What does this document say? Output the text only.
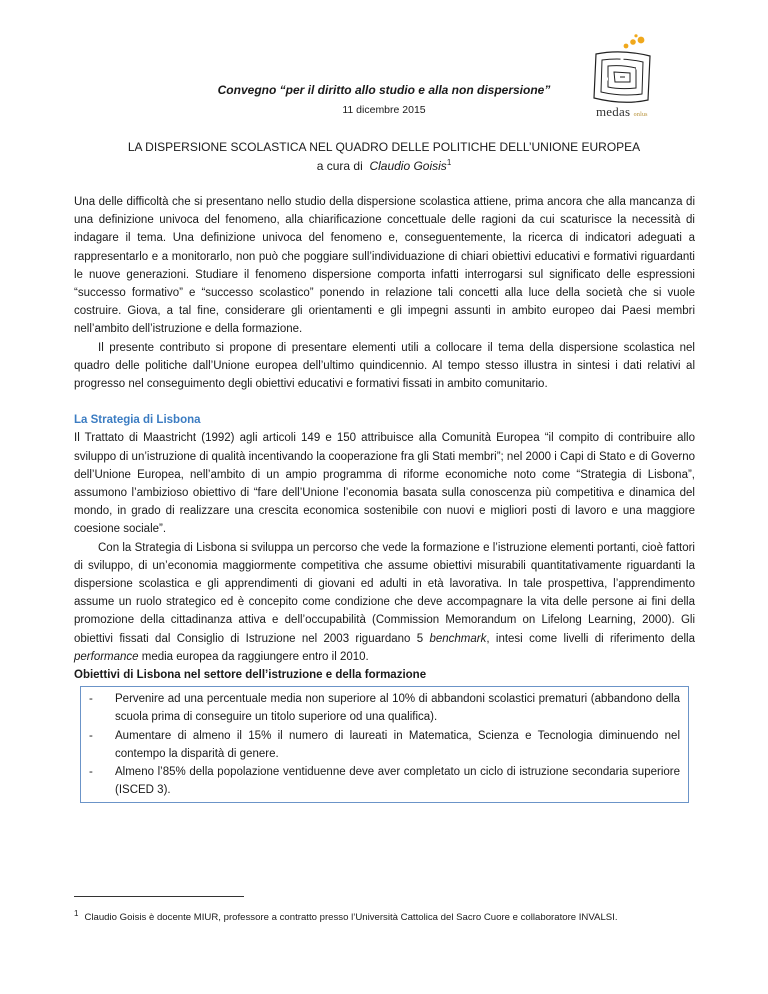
medas onlus
Convegno “per il diritto allo studio e alla non dispersione”
11 dicembre 2015
LA DISPERSIONE SCOLASTICA NEL QUADRO DELLE POLITICHE DELL’UNIONE EUROPEA
a cura di Claudio Goisis$^1$

Una delle difficoltà che si presentano nello studio della dispersione scolastica attiene, prima ancora che alla mancanza di una definizione univoca del fenomeno, alla chiarificazione concettuale delle ragioni da cui scaturisce la necessità di indagare il tema. Una definizione univoca del fenomeno e, conseguentemente, la ricerca di indicatori adeguati a rappresentarlo e a monitorarlo, non può che poggiare sull’individuazione di chiari obiettivi educativi e formativi riguardanti le nuove generazioni. Studiare il fenomeno dispersione comporta infatti interrogarsi sul significato delle espressioni “successo formativo” e “successo scolastico” ponendo in relazione tali concetti alla luce della società che si vuole costruire. Giova, a tal fine, considerare gli orientamenti e gli impegni assunti in ambito europeo dai Paesi membri nell’ambito dell’istruzione e della formazione.

Il presente contributo si propone di presentare elementi utili a collocare il tema della dispersione scolastica nel quadro delle politiche dall’Unione europea dell’ultimo quindicennio. Al tempo stesso illustra in sintesi i dati relativi al progresso nel conseguimento degli obiettivi educativi e formativi fissati in ambito comunitario.

La Strategia di Lisbona

Il Trattato di Maastricht (1992) agli articoli 149 e 150 attribuisce alla Comunità Europea “il compito di contribuire allo sviluppo di un’istruzione di qualità incentivando la cooperazione fra gli Stati membri”; nel 2000 i Capi di Stato e di Governo dell’Unione Europea, nell’ambito di un ampio programma di riforme economiche noto come “Strategia di Lisbona”, assumono l’ambizioso obiettivo di “fare dell’Unione l’economia basata sulla conoscenza più competitiva e dinamica del mondo, in grado di realizzare una crescita economica sostenibile con nuovi e migliori posti di lavoro e una maggiore coesione sociale”.

Con la Strategia di Lisbona si sviluppa un percorso che vede la formazione e l’istruzione elementi portanti, cioè fattori di sviluppo, di un’economia maggiormente competitiva che assume obiettivi misurabili quantitativamente riguardanti la dispersione scolastica e gli apprendimenti di giovani ed adulti in età lavorativa. In tale prospettiva, l’apprendimento assume un ruolo strategico ed è concepito come condizione che deve accompagnare la vita delle persone ai fini della promozione della cittadinanza attiva e dell’occupabilità (Commission Memorandum on Lifelong Learning, 2000). Gli obiettivi fissati dal Consiglio di Istruzione nel 2003 riguardano 5 benchmark, intesi come livelli di riferimento della performance media europea da raggiungere entro il 2010.

Obiettivi di Lisbona nel settore dell’istruzione e della formazione

-	Pervenire ad una percentuale media non superiore al 10% di abbandoni scolastici prematuri (abbandono della scuola prima di conseguire un titolo superiore od una qualifica).
-	Aumentare di almeno il 15% il numero di laureati in Matematica, Scienza e Tecnologia diminuendo nel contempo la disparità di genere.
-	Almeno l’85% della popolazione ventiduenne deve aver completato un ciclo di istruzione secondaria superiore (ISCED 3).
$^1$ Claudio Goisis è docente MIUR, professore a contratto presso l’Università Cattolica del Sacro Cuore e collaboratore INVALSI.
